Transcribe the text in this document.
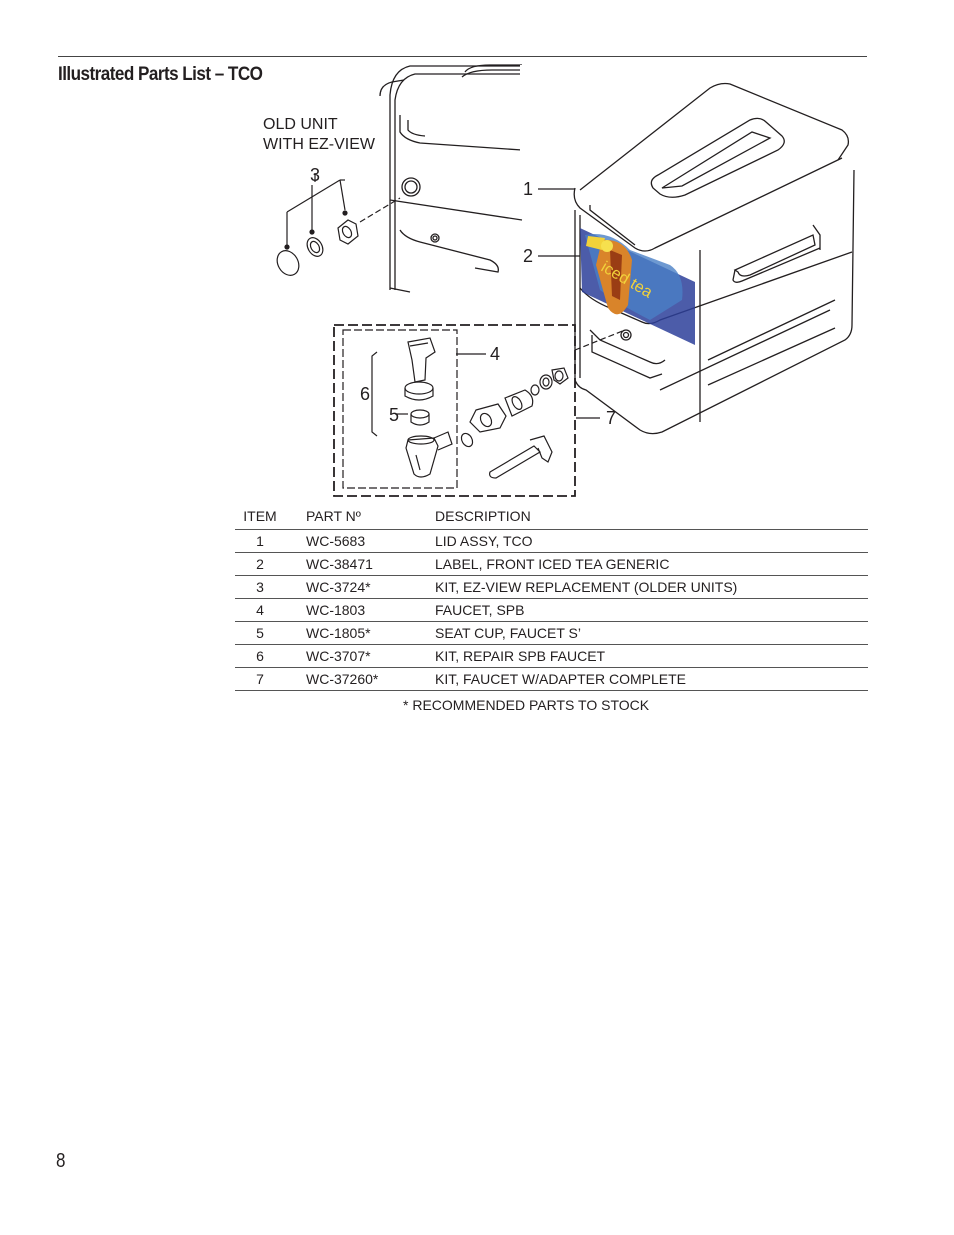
Illustrated Parts List – TCO
iced tea
OLD UNIT
WITH EZ-VIEW
3
1
2
4
6
5	7
ITEM	PART Nº	DESCRIPTION
1	WC-5683	LID ASSY, TCO
2	WC-38471	LABEL, FRONT ICED TEA GENERIC
3	WC-3724*	KIT, EZ-VIEW REPLACEMENT (OLDER UNITS)
4	WC-1803	FAUCET, SPB
5	WC-1805*	SEAT CUP, FAUCET S’
6	WC-3707*	KIT, REPAIR SPB FAUCET
7	WC-37260*	KIT, FAUCET W/ADAPTER COMPLETE
* RECOMMENDED PARTS TO STOCK
8
